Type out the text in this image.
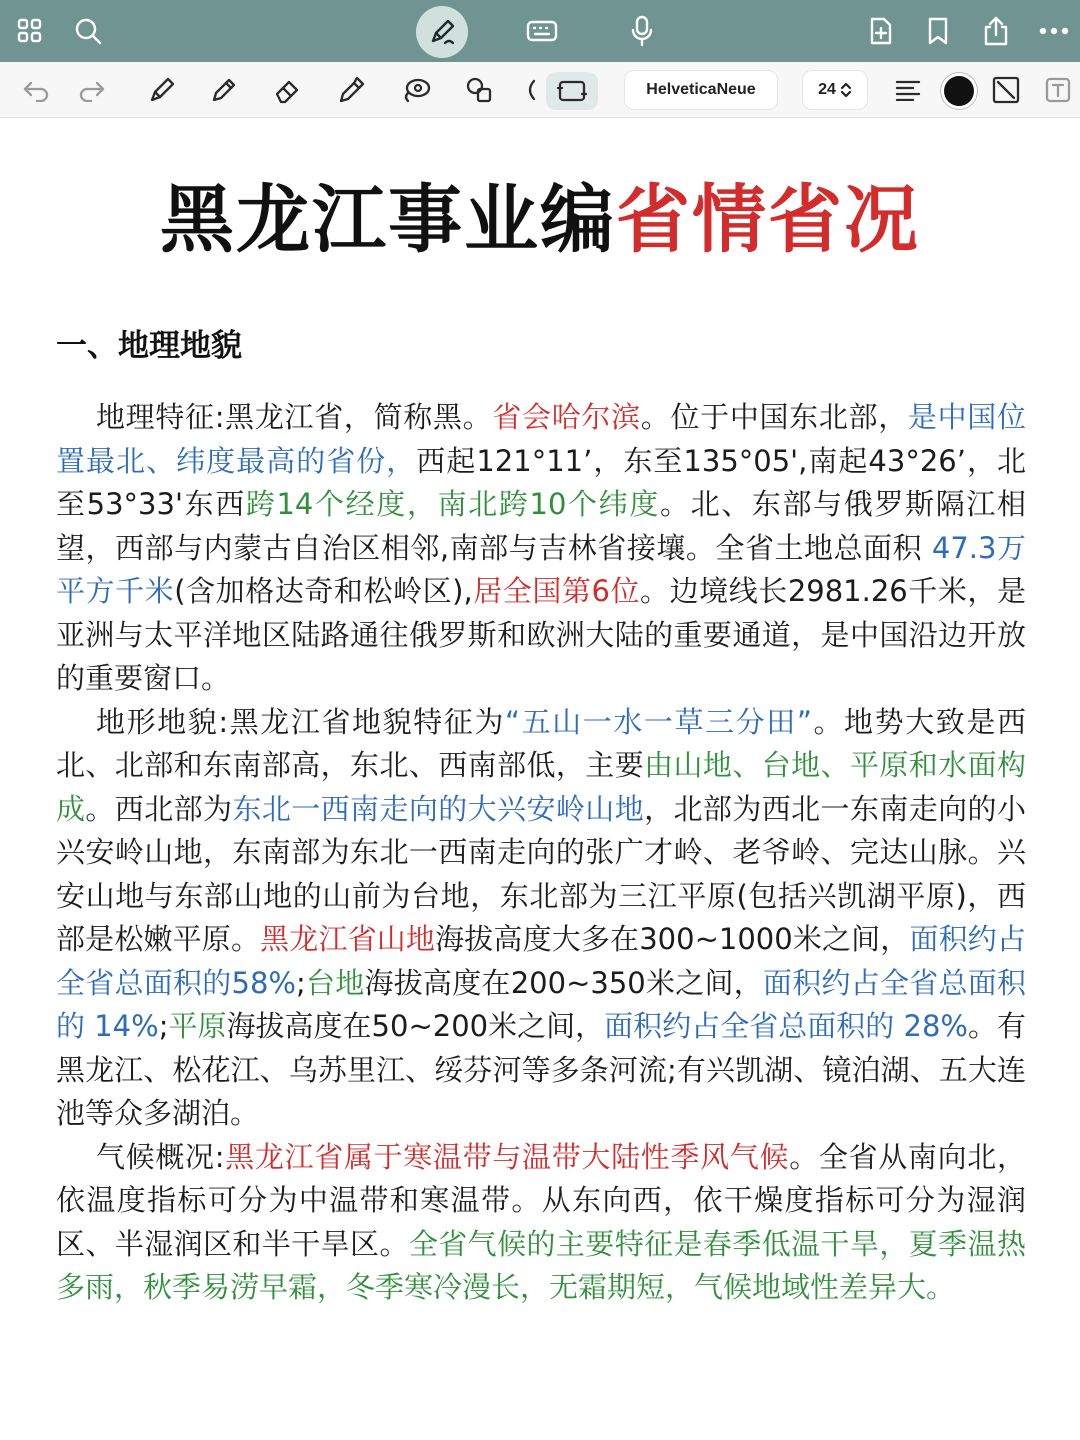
HelveticaNeue	24
黑龙江事业编省情省况
一、地理地貌

地理特征:黑龙江省，简称黑。省会哈尔滨。位于中国东北部，是中国位置最北、纬度最高的省份，西起121°11’，东至135°05',南起43°26’，北至53°33'东西跨14个经度，南北跨10个纬度。北、东部与俄罗斯隔江相望，西部与内蒙古自治区相邻,南部与吉林省接壤。全省土地总面积 47.3万平方千米(含加格达奇和松岭区),居全国第6位。边境线长2981.26千米，是亚洲与太平洋地区陆路通往俄罗斯和欧洲大陆的重要通道，是中国沿边开放的重要窗口。

地形地貌:黑龙江省地貌特征为“五山一水一草三分田”。地势大致是西北、北部和东南部高，东北、西南部低，主要由山地、台地、平原和水面构成。西北部为东北一西南走向的大兴安岭山地，北部为西北一东南走向的小兴安岭山地，东南部为东北一西南走向的张广才岭、老爷岭、完达山脉。兴安山地与东部山地的山前为台地，东北部为三江平原(包括兴凯湖平原)，西部是松嫩平原。黑龙江省山地海拔高度大多在300~1000米之间，面积约占全省总面积的58%;台地海拔高度在200~350米之间，面积约占全省总面积的 14%;平原海拔高度在50~200米之间，面积约占全省总面积的 28%。有黑龙江、松花江、乌苏里江、绥芬河等多条河流;有兴凯湖、镜泊湖、五大连池等众多湖泊。

气候概况:黑龙江省属于寒温带与温带大陆性季风气候。全省从南向北，依温度指标可分为中温带和寒温带。从东向西，依干燥度指标可分为湿润区、半湿润区和半干旱区。全省气候的主要特征是春季低温干旱，夏季温热多雨，秋季易涝早霜，冬季寒冷漫长，无霜期短，气候地域性差异大。
